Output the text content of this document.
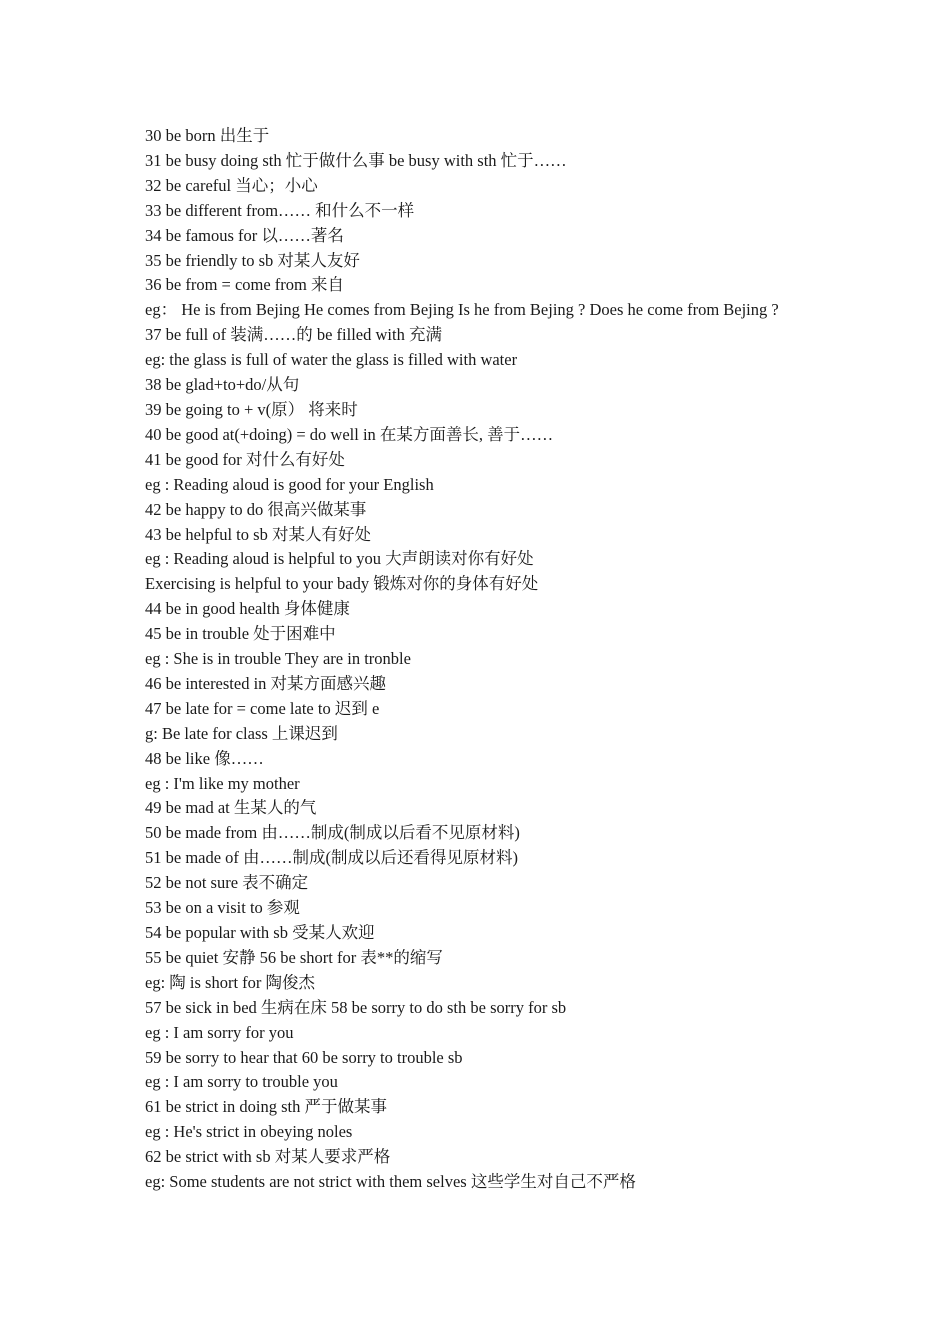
30 be born 出生于
31 be busy doing sth 忙于做什么事 be busy with sth 忙于……
32 be careful 当心；小心
33 be different from…… 和什么不一样
34 be famous for 以……著名
35 be friendly to sb 对某人友好
36 be from = come from 来自
eg： He is from Bejing He comes from Bejing Is he from Bejing ? Does he come from Bejing ?
37 be full of 装满……的 be filled with 充满
eg: the glass is full of water the glass is filled with water
38 be glad+to+do/从句
39 be going to + v(原） 将来时
40 be good at(+doing) = do well in 在某方面善长, 善于……
41 be good for 对什么有好处
eg : Reading aloud is good for your English
42 be happy to do 很高兴做某事
43 be helpful to sb 对某人有好处
eg : Reading aloud is helpful to you 大声朗读对你有好处
Exercising is helpful to your bady 锻炼对你的身体有好处
44 be in good health 身体健康
45 be in trouble 处于困难中
eg : She is in trouble They are in tronble
46 be interested in 对某方面感兴趣
47 be late for = come late to 迟到 e
g: Be late for class 上课迟到
48 be like 像……
eg : I'm like my mother
49 be mad at 生某人的气
50 be made from 由……制成(制成以后看不见原材料)
51 be made of 由……制成(制成以后还看得见原材料)
52 be not sure 表不确定
53 be on a visit to 参观
54 be popular with sb 受某人欢迎
55 be quiet 安静 56 be short for 表**的缩写
eg: 陶 is short for 陶俊杰
57 be sick in bed 生病在床 58 be sorry to do sth be sorry for sb
eg : I am sorry for you
59 be sorry to hear that 60 be sorry to trouble sb
eg : I am sorry to trouble you
61 be strict in doing sth 严于做某事
eg : He's strict in obeying noles
62 be strict with sb 对某人要求严格
eg: Some students are not strict with them selves 这些学生对自己不严格
